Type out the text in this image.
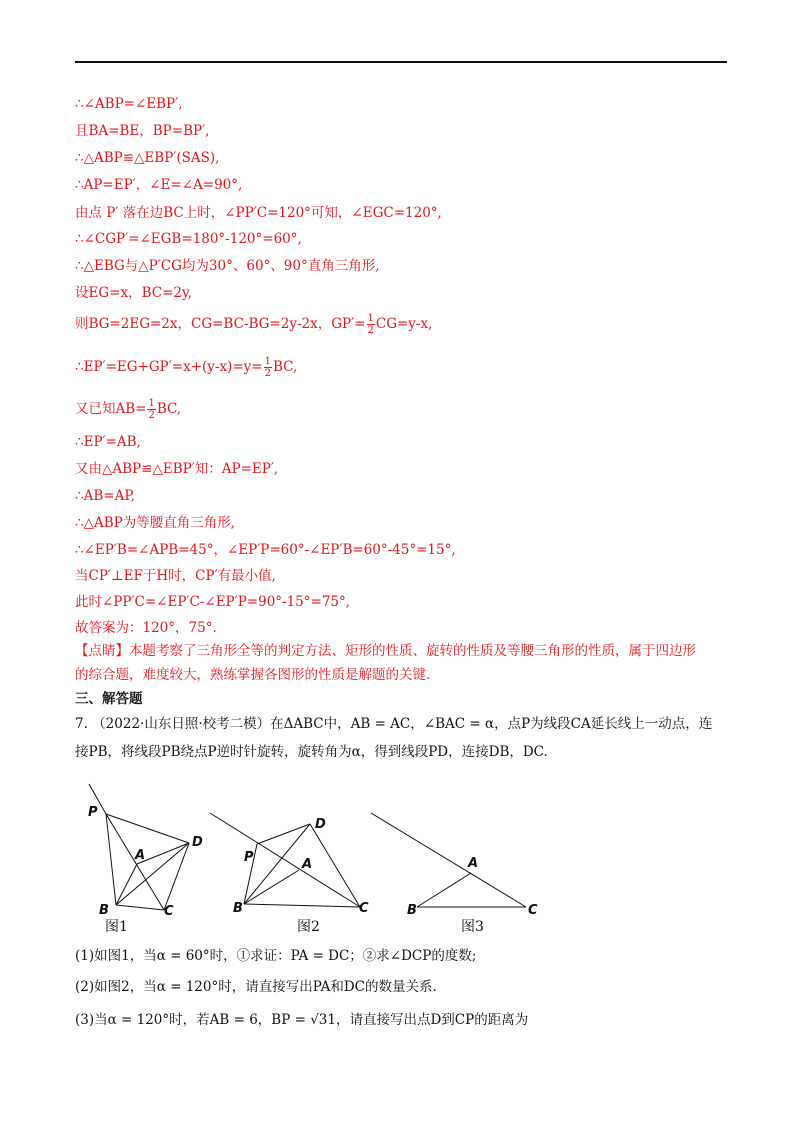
∴∠ABP=∠EBP′,
且BA=BE，BP=BP′,
∴△ABP≌△EBP′(SAS),
∴AP=EP′，∠E=∠A=90°,
由点 P′ 落在边BC上时，∠PP′C=120°可知，∠EGC=120°,
∴∠CGP′=∠EGB=180°-120°=60°,
∴△EBG与△P′CG均为30°、60°、90°直角三角形,
设EG=x，BC=2y,
则BG=2EG=2x，CG=BC-BG=2y-2x，$GP'= \frac{1}{2} CG=y-x$,
∴EP′=EG+GP′=x+(y-x)=y= $\frac{1}{2}$ BC,
又已知$AB= \frac{1}{2}$ BC,
∴EP′=AB,
又由△ABP≌△EBP′知：AP=EP′,
∴AB=AP,
∴△ABP为等腰直角三角形,
∴∠EP′B=∠APB=45°，∠EP′P=60°-∠EP′B=60°-45°=15°,
当CP′⊥EF于H时，CP′有最小值,
此时∠PP′C=∠EP′C-∠EP′P=90°-15°=75°,
故答案为：120°，75°.
【点睛】本题考察了三角形全等的判定方法、矩形的性质、旋转的性质及等腰三角形的性质，属于四边形
的综合题，难度较大，熟练掌握各图形的性质是解题的关键.
三、解答题
7. （2022·山东日照·校考二模）在ΔABC中，AB = AC，∠BAC = α，点P为线段CA延长线上一动点，连
接PB，将线段PB绕点P逆时针旋转，旋转角为α，得到线段PD，连接DB，DC.
P
A
D
B	C
P	A
D
B	C
A
B	C
图1	图2	图3
(1)如图1，当α = 60°时，①求证：PA = DC；②求∠DCP的度数;
(2)如图2，当α = 120°时，请直接写出PA和DC的数量关系.
(3)当α = 120°时，若AB = 6，BP = √31，请直接写出点D到CP的距离为
